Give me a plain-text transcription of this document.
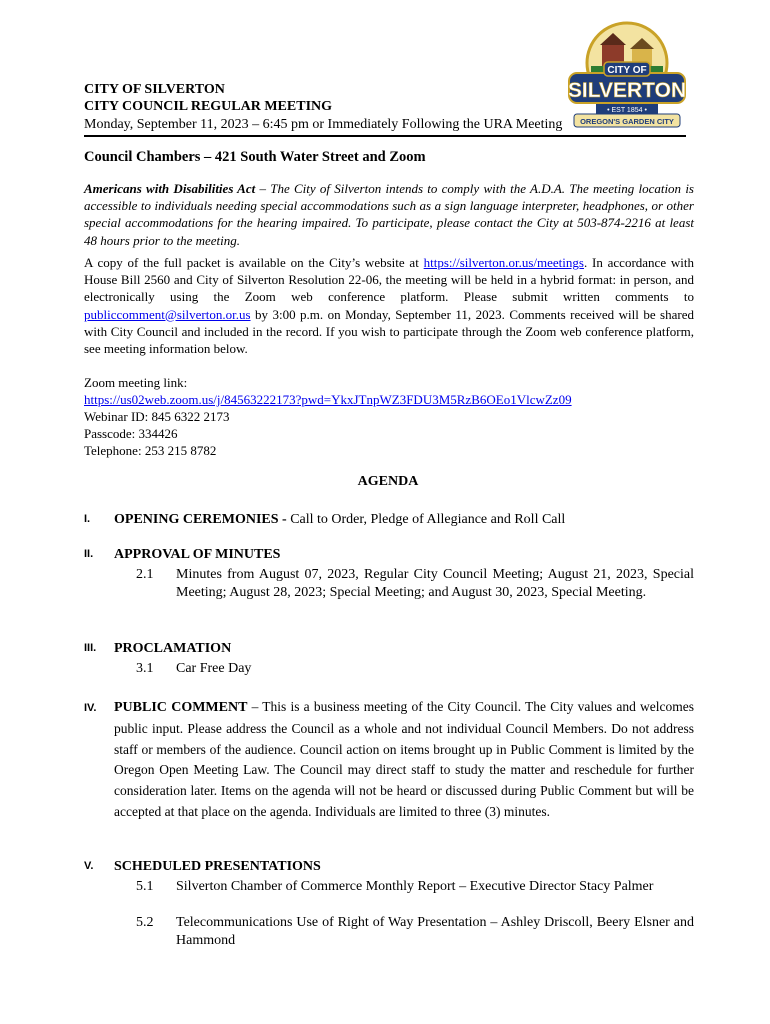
CITY OF
SILVERTON
• EST 1854 •
OREGON'S GARDEN CITY
CITY OF SILVERTON
CITY COUNCIL REGULAR MEETING
Monday, September 11, 2023 – 6:45 pm or Immediately Following the URA Meeting
Council Chambers – 421 South Water Street and Zoom
Americans with Disabilities Act – The City of Silverton intends to comply with the A.D.A. The meeting location is accessible to individuals needing special accommodations such as a sign language interpreter, headphones, or other special accommodations for the hearing impaired. To participate, please contact the City at 503-874-2216 at least 48 hours prior to the meeting.
A copy of the full packet is available on the City’s website at https://silverton.or.us/meetings. In accordance with House Bill 2560 and City of Silverton Resolution 22-06, the meeting will be held in a hybrid format: in person, and electronically using the Zoom web conference platform. Please submit written comments to publiccomment@silverton.or.us by 3:00 p.m. on Monday, September 11, 2023. Comments received will be shared with City Council and included in the record. If you wish to participate through the Zoom web conference platform, see meeting information below.
Zoom meeting link:
https://us02web.zoom.us/j/84563222173?pwd=YkxJTnpWZ3FDU3M5RzB6OEo1VlcwZz09
Webinar ID: 845 6322 2173
Passcode: 334426
Telephone: 253 215 8782
AGENDA
I. OPENING CEREMONIES - Call to Order, Pledge of Allegiance and Roll Call
II. APPROVAL OF MINUTES
2.1 Minutes from August 07, 2023, Regular City Council Meeting; August 21, 2023, Special Meeting; August 28, 2023; Special Meeting; and August 30, 2023, Special Meeting.
III. PROCLAMATION
3.1 Car Free Day
IV. PUBLIC COMMENT – This is a business meeting of the City Council. The City values and welcomes public input. Please address the Council as a whole and not individual Council Members. Do not address staff or members of the audience. Council action on items brought up in Public Comment is limited by the Oregon Open Meeting Law. The Council may direct staff to study the matter and reschedule for further consideration later. Items on the agenda will not be heard or discussed during Public Comment but will be accepted at that place on the agenda. Individuals are limited to three (3) minutes.
V. SCHEDULED PRESENTATIONS
5.1 Silverton Chamber of Commerce Monthly Report – Executive Director Stacy Palmer
5.2 Telecommunications Use of Right of Way Presentation – Ashley Driscoll, Beery Elsner and Hammond
